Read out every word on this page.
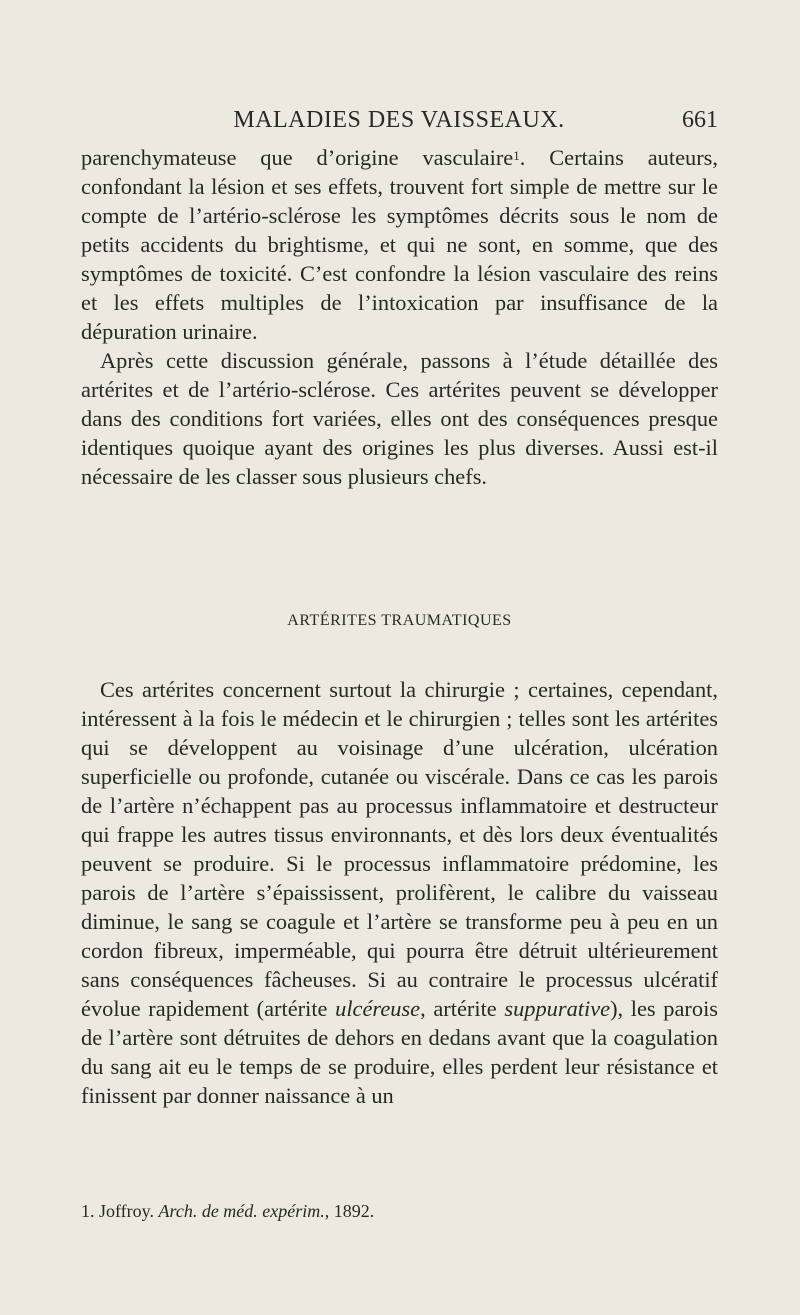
MALADIES DES VAISSEAUX.	661

parenchymateuse que d’origine vasculaire$^1$. Certains auteurs, confondant la lésion et ses effets, trouvent fort simple de mettre sur le compte de l’artério-sclérose les symptômes décrits sous le nom de petits accidents du brightisme, et qui ne sont, en somme, que des symptômes de toxicité. C’est confondre la lésion vasculaire des reins et les effets multiples de l’intoxication par insuffisance de la dépuration urinaire.

Après cette discussion générale, passons à l’étude détaillée des artérites et de l’artério-sclérose. Ces artérites peuvent se développer dans des conditions fort variées, elles ont des conséquences presque identiques quoique ayant des origines les plus diverses. Aussi est-il nécessaire de les classer sous plusieurs chefs.

ARTÉRITES TRAUMATIQUES

Ces artérites concernent surtout la chirurgie ; certaines, cependant, intéressent à la fois le médecin et le chirurgien ; telles sont les artérites qui se développent au voisinage d’une ulcération, ulcération superficielle ou profonde, cutanée ou viscérale. Dans ce cas les parois de l’artère n’échappent pas au processus inflammatoire et destructeur qui frappe les autres tissus environnants, et dès lors deux éventualités peuvent se produire. Si le processus inflammatoire prédomine, les parois de l’artère s’épaississent, prolifèrent, le calibre du vaisseau diminue, le sang se coagule et l’artère se transforme peu à peu en un cordon fibreux, imperméable, qui pourra être détruit ultérieurement sans conséquences fâcheuses. Si au contraire le processus ulcératif évolue rapidement (artérite ulcéreuse, artérite suppurative), les parois de l’artère sont détruites de dehors en dedans avant que la coagulation du sang ait eu le temps de se produire, elles perdent leur résistance et finissent par donner naissance à un

1. Joffroy. Arch. de méd. expérim., 1892.
